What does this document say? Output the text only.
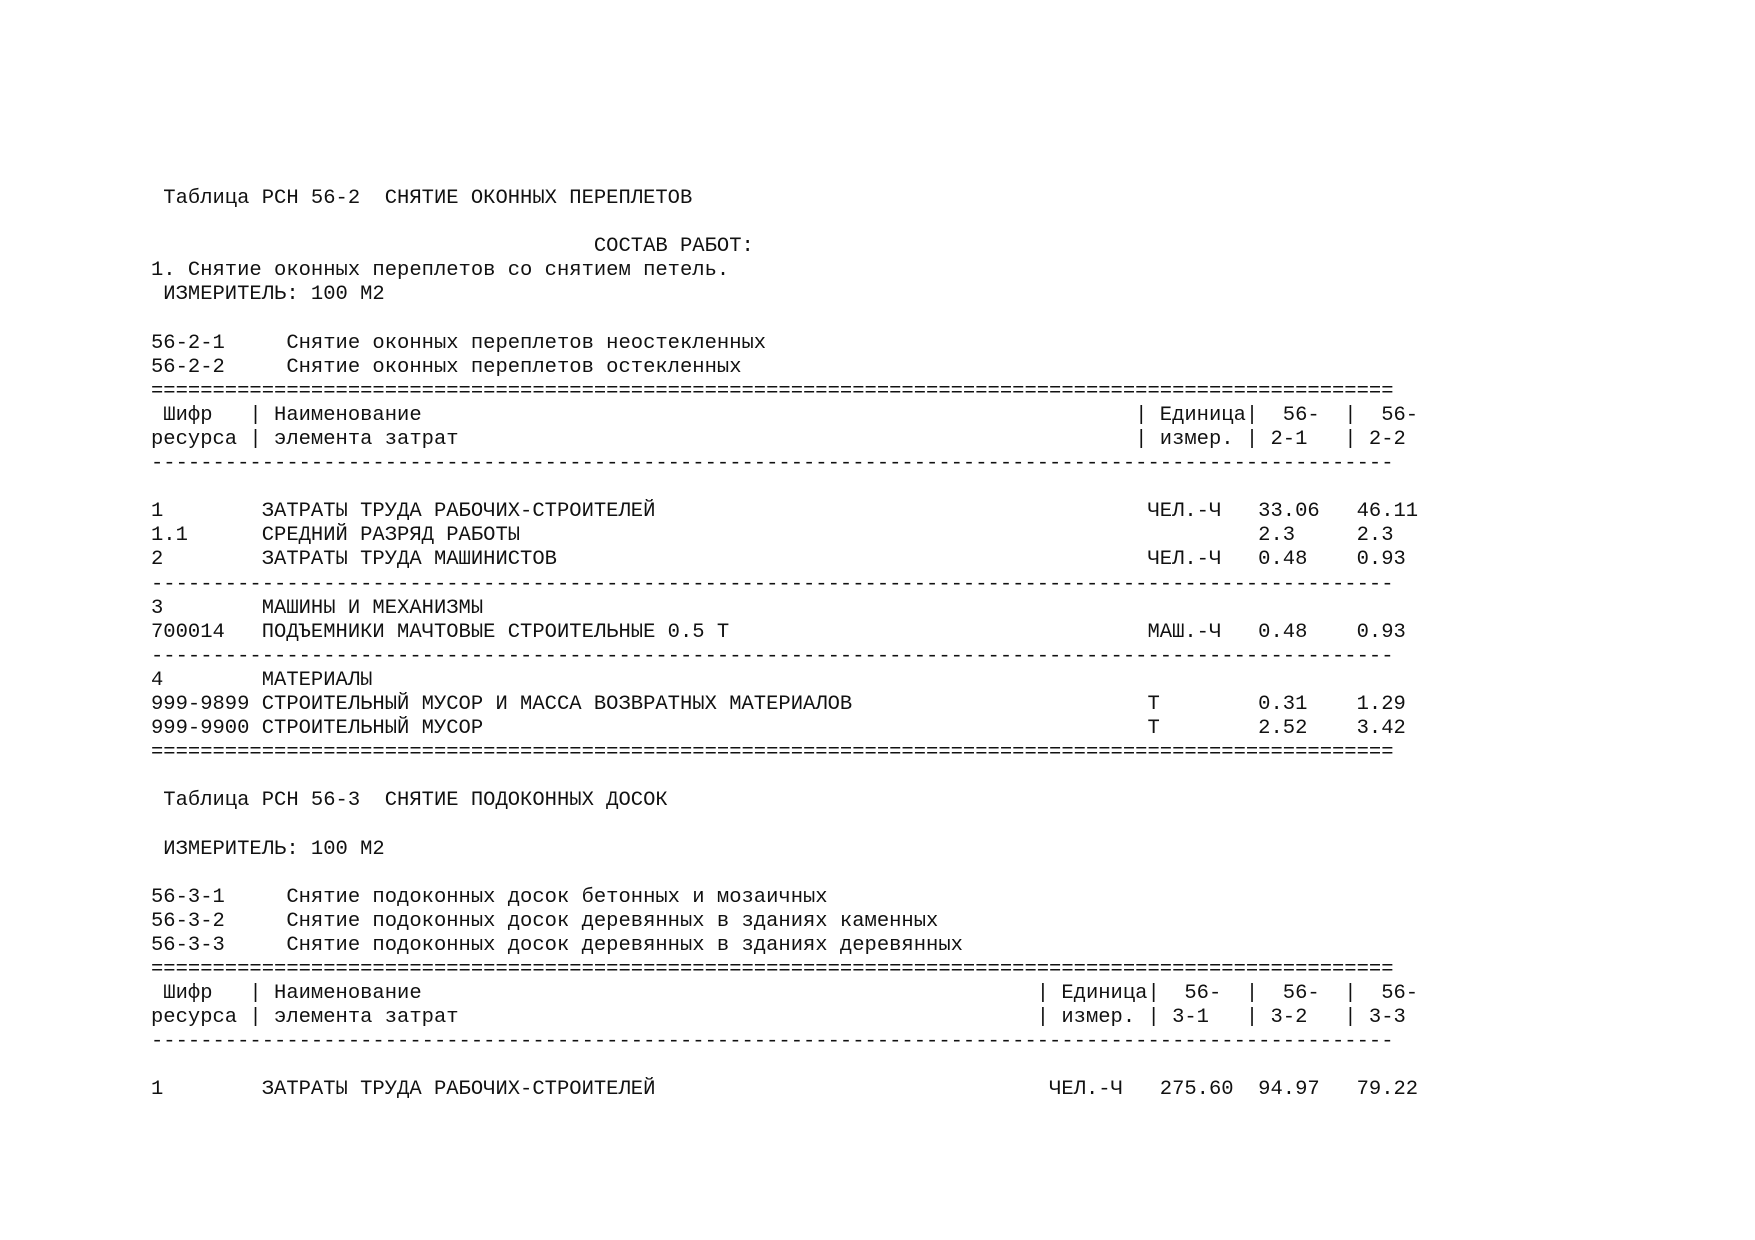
Таблица РСН 56-2  СНЯТИЕ ОКОННЫХ ПЕРЕПЛЕТОВ
СОСТАВ РАБОТ:
1. Снятие оконных переплетов со снятием петель.
ИЗМЕРИТЕЛЬ: 100 М2
56-2-1     Снятие оконных переплетов неостекленных
56-2-2     Снятие оконных переплетов остекленных
=====================================================================================================
Шифр   | Наименование                                                          | Единица|  56-  |  56-
ресурса | элемента затрат                                                       | измер. | 2-1   | 2-2
-----------------------------------------------------------------------------------------------------
1        ЗАТРАТЫ ТРУДА РАБОЧИХ-СТРОИТЕЛЕЙ                                        ЧЕЛ.-Ч   33.06   46.11
1.1      СРЕДНИЙ РАЗРЯД РАБОТЫ                                                            2.3     2.3
2        ЗАТРАТЫ ТРУДА МАШИНИСТОВ                                                ЧЕЛ.-Ч   0.48    0.93
-----------------------------------------------------------------------------------------------------
3        МАШИНЫ И МЕХАНИЗМЫ
700014   ПОДЪЕМНИКИ МАЧТОВЫЕ СТРОИТЕЛЬНЫЕ 0.5 Т                                  МАШ.-Ч   0.48    0.93
-----------------------------------------------------------------------------------------------------
4        МАТЕРИАЛЫ
999-9899 СТРОИТЕЛЬНЫЙ МУСОР И МАССА ВОЗВРАТНЫХ МАТЕРИАЛОВ                        Т        0.31    1.29
999-9900 СТРОИТЕЛЬНЫЙ МУСОР                                                      Т        2.52    3.42
=====================================================================================================
Таблица РСН 56-3  СНЯТИЕ ПОДОКОННЫХ ДОСОК
ИЗМЕРИТЕЛЬ: 100 М2
56-3-1     Снятие подоконных досок бетонных и мозаичных
56-3-2     Снятие подоконных досок деревянных в зданиях каменных
56-3-3     Снятие подоконных досок деревянных в зданиях деревянных
=====================================================================================================
Шифр   | Наименование                                                  | Единица|  56-  |  56-  |  56-
ресурса | элемента затрат                                               | измер. | 3-1   | 3-2   | 3-3
-----------------------------------------------------------------------------------------------------
1        ЗАТРАТЫ ТРУДА РАБОЧИХ-СТРОИТЕЛЕЙ                                ЧЕЛ.-Ч   275.60  94.97   79.22
